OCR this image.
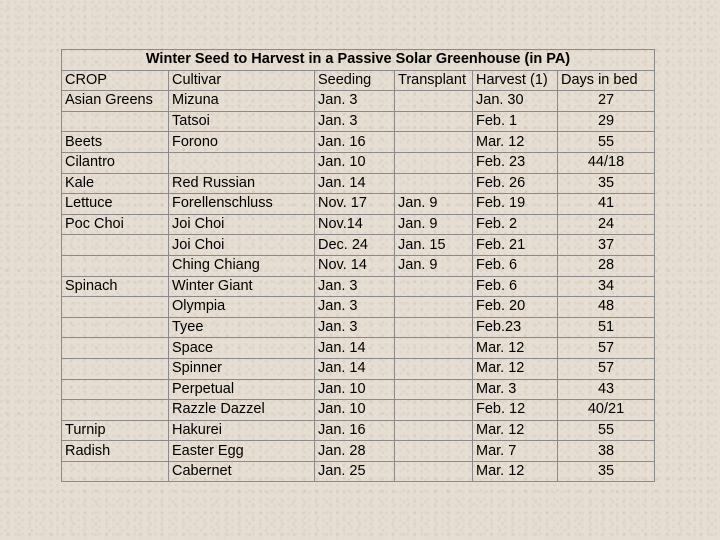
Winter Seed to Harvest in a Passive Solar Greenhouse (in PA)					
CROP	Cultivar	Seeding	Transplant	Harvest (1)	Days in bed
Asian Greens	Mizuna	Jan. 3		Jan. 30	27
	Tatsoi	Jan. 3		Feb. 1	29
Beets	Forono	Jan. 16		Mar. 12	55
Cilantro		Jan. 10		Feb. 23	44/18
Kale	Red Russian	Jan. 14		Feb. 26	35
Lettuce	Forellenschluss	Nov. 17	Jan. 9	Feb. 19	41
Poc Choi	Joi Choi	Nov.14	Jan. 9	Feb. 2	24
	Joi Choi	Dec. 24	Jan. 15	Feb. 21	37
	Ching Chiang	Nov. 14	Jan. 9	Feb. 6	28
Spinach	Winter Giant	Jan. 3		Feb. 6	34
	Olympia	Jan. 3		Feb. 20	48
	Tyee	Jan. 3		Feb.23	51
	Space	Jan. 14		Mar. 12	57
	Spinner	Jan. 14		Mar. 12	57
	Perpetual	Jan. 10		Mar. 3	43
	Razzle Dazzel	Jan. 10		Feb. 12	40/21
Turnip	Hakurei	Jan. 16		Mar. 12	55
Radish	Easter Egg	Jan. 28		Mar. 7	38
	Cabernet	Jan. 25		Mar. 12	35
